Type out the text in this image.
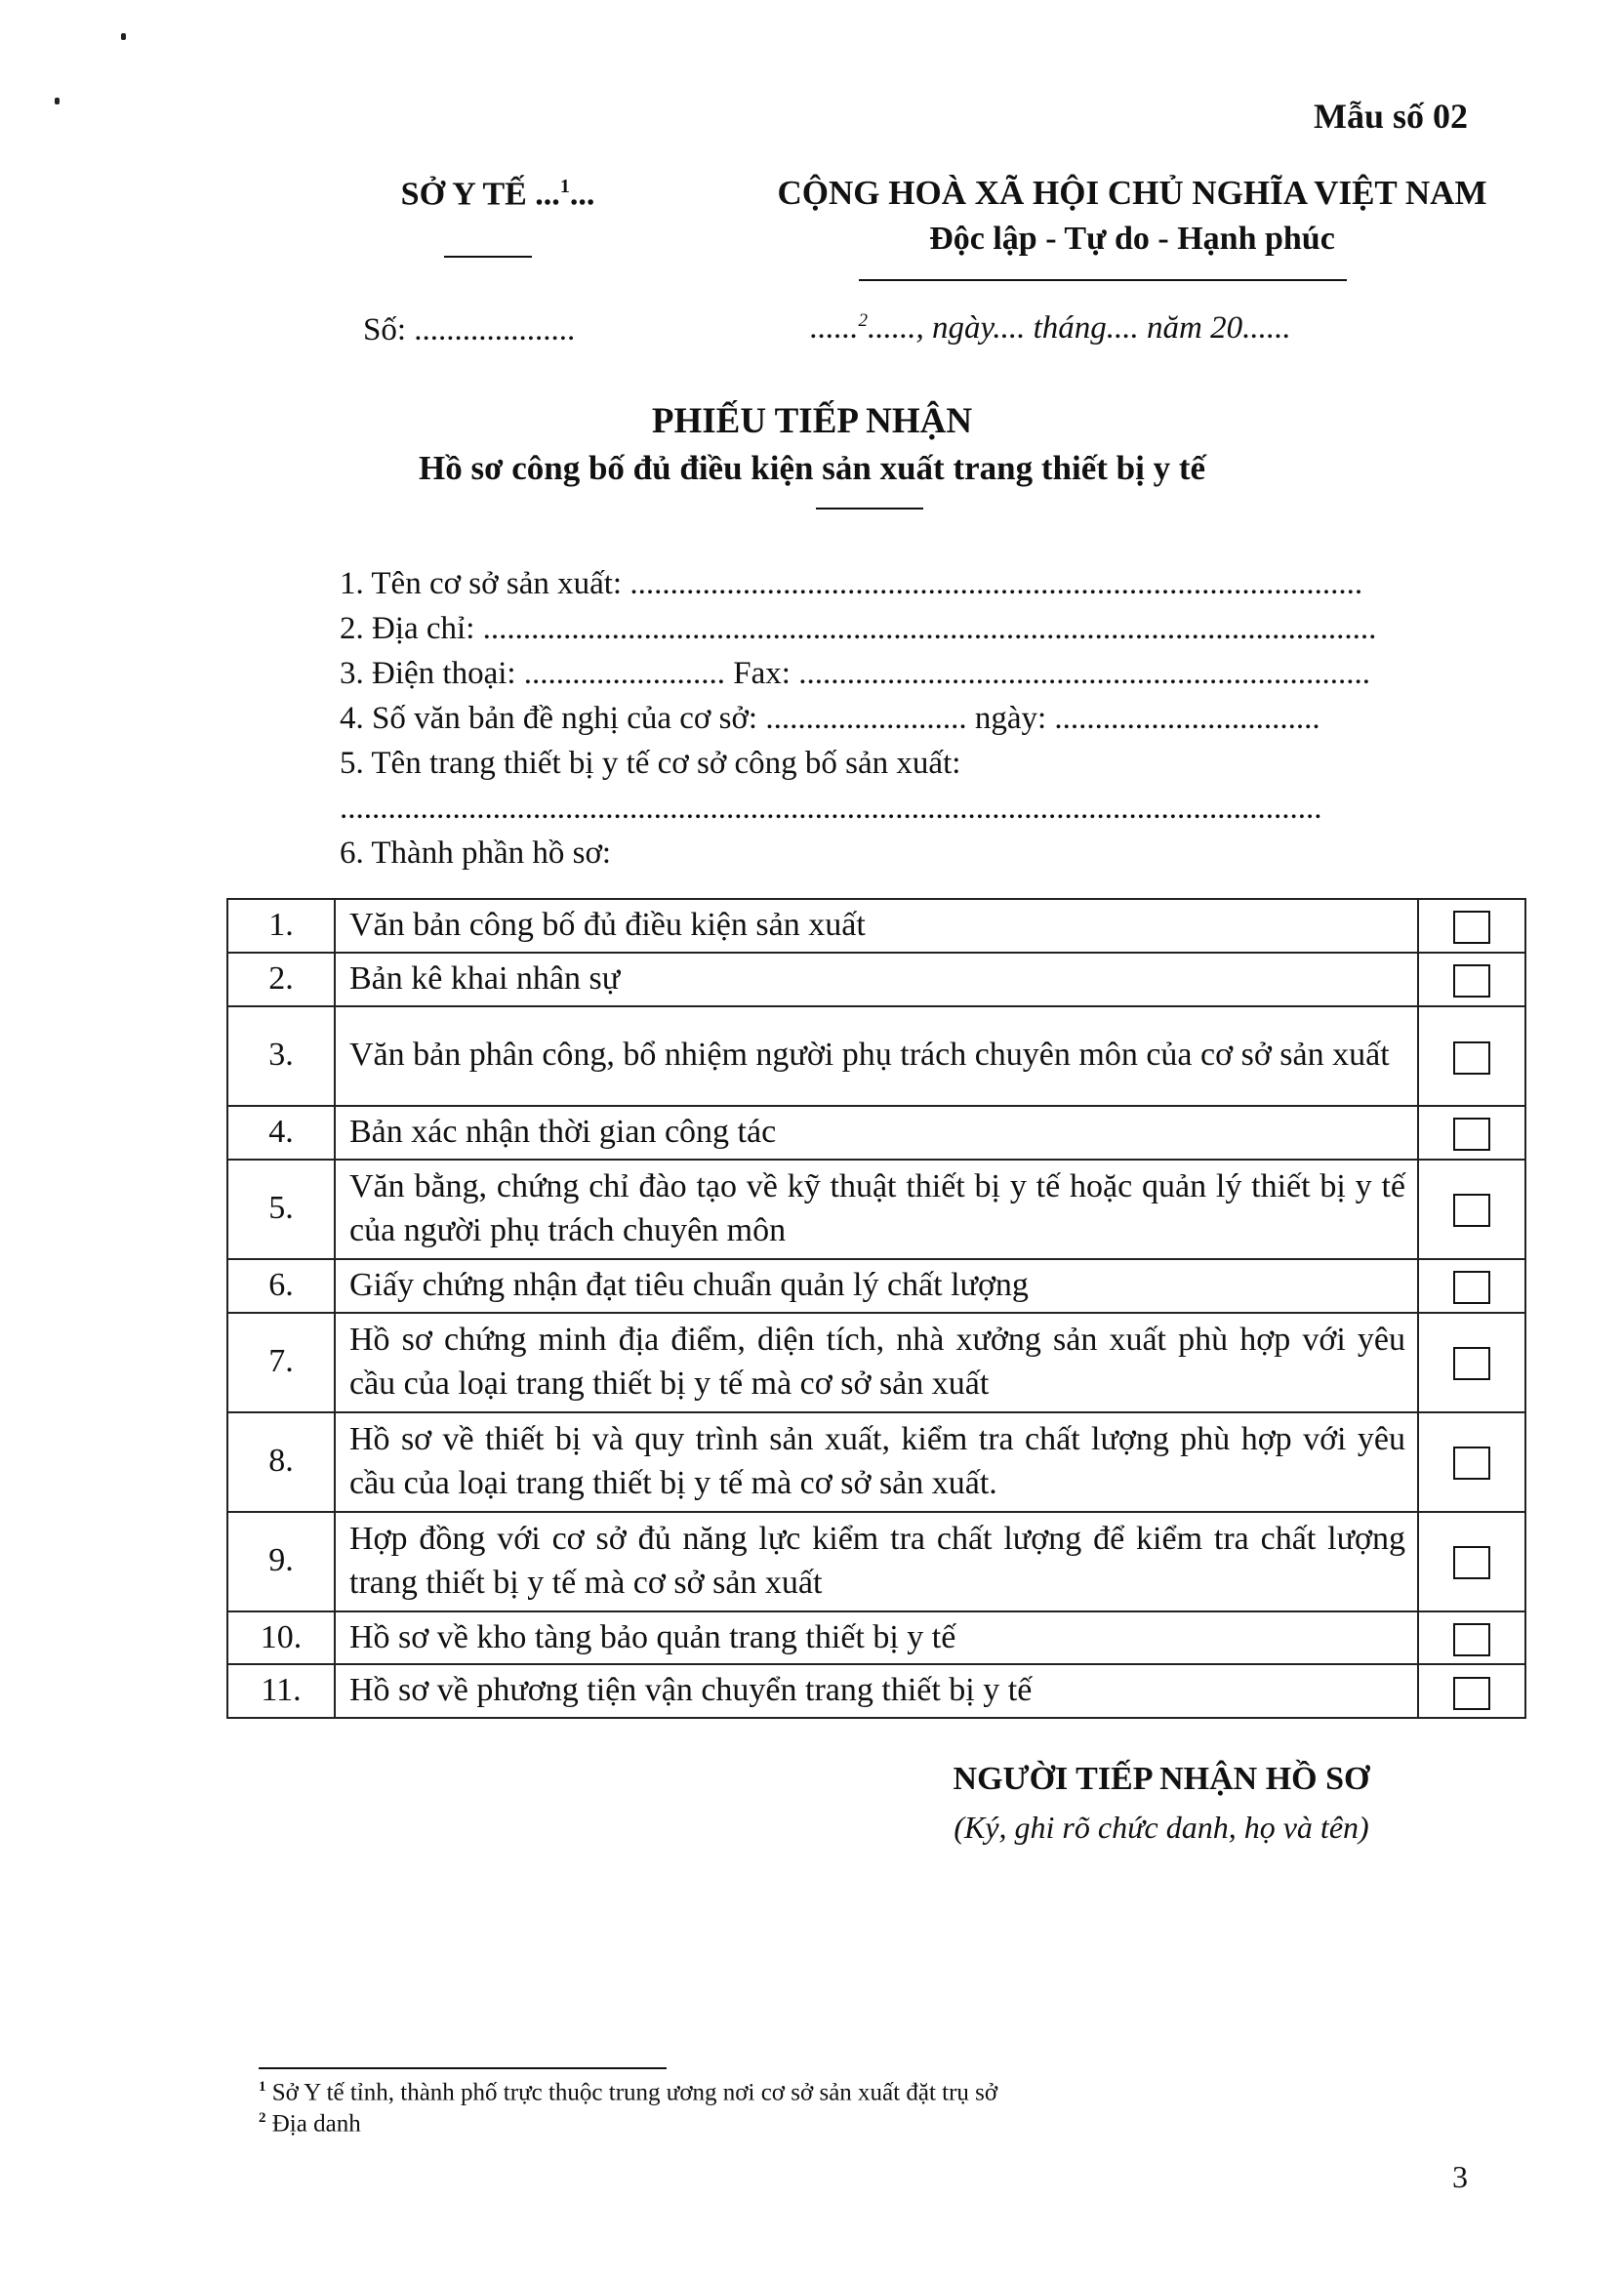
Mẫu số 02
SỞ Y TẾ ...$^1$...	CỘNG HOÀ XÃ HỘI CHỦ NGHĨA VIỆT NAM
Độc lập - Tự do - Hạnh phúc
Số: ....................	......$^2$......, ngày.... tháng.... năm 20......
PHIẾU TIẾP NHẬN
Hồ sơ công bố đủ điều kiện sản xuất trang thiết bị y tế
1. Tên cơ sở sản xuất: ...........................................................................................
2. Địa chỉ: ...............................................................................................................
3. Điện thoại: ......................... Fax: .......................................................................
4. Số văn bản đề nghị của cơ sở: ......................... ngày: .................................
5. Tên trang thiết bị y tế cơ sở công bố sản xuất:
..........................................................................................................................
6. Thành phần hồ sơ:
1.	Văn bản công bố đủ điều kiện sản xuất	
2.	Bản kê khai nhân sự	
3.	Văn bản phân công, bổ nhiệm người phụ trách chuyên môn của cơ sở sản xuất	
4.	Bản xác nhận thời gian công tác	
5.	Văn bằng, chứng chỉ đào tạo về kỹ thuật thiết bị y tế hoặc quản lý thiết bị y tế của người phụ trách chuyên môn	
6.	Giấy chứng nhận đạt tiêu chuẩn quản lý chất lượng	
7.	Hồ sơ chứng minh địa điểm, diện tích, nhà xưởng sản xuất phù hợp với yêu cầu của loại trang thiết bị y tế mà cơ sở sản xuất	
8.	Hồ sơ về thiết bị và quy trình sản xuất, kiểm tra chất lượng phù hợp với yêu cầu của loại trang thiết bị y tế mà cơ sở sản xuất.	
9.	Hợp đồng với cơ sở đủ năng lực kiểm tra chất lượng để kiểm tra chất lượng trang thiết bị y tế mà cơ sở sản xuất	
10.	Hồ sơ về kho tàng bảo quản trang thiết bị y tế	
11.	Hồ sơ về phương tiện vận chuyển trang thiết bị y tế	
NGƯỜI TIẾP NHẬN HỒ SƠ
(Ký, ghi rõ chức danh, họ và tên)
$^1$ Sở Y tế tỉnh, thành phố trực thuộc trung ương nơi cơ sở sản xuất đặt trụ sở
$^2$ Địa danh
3
